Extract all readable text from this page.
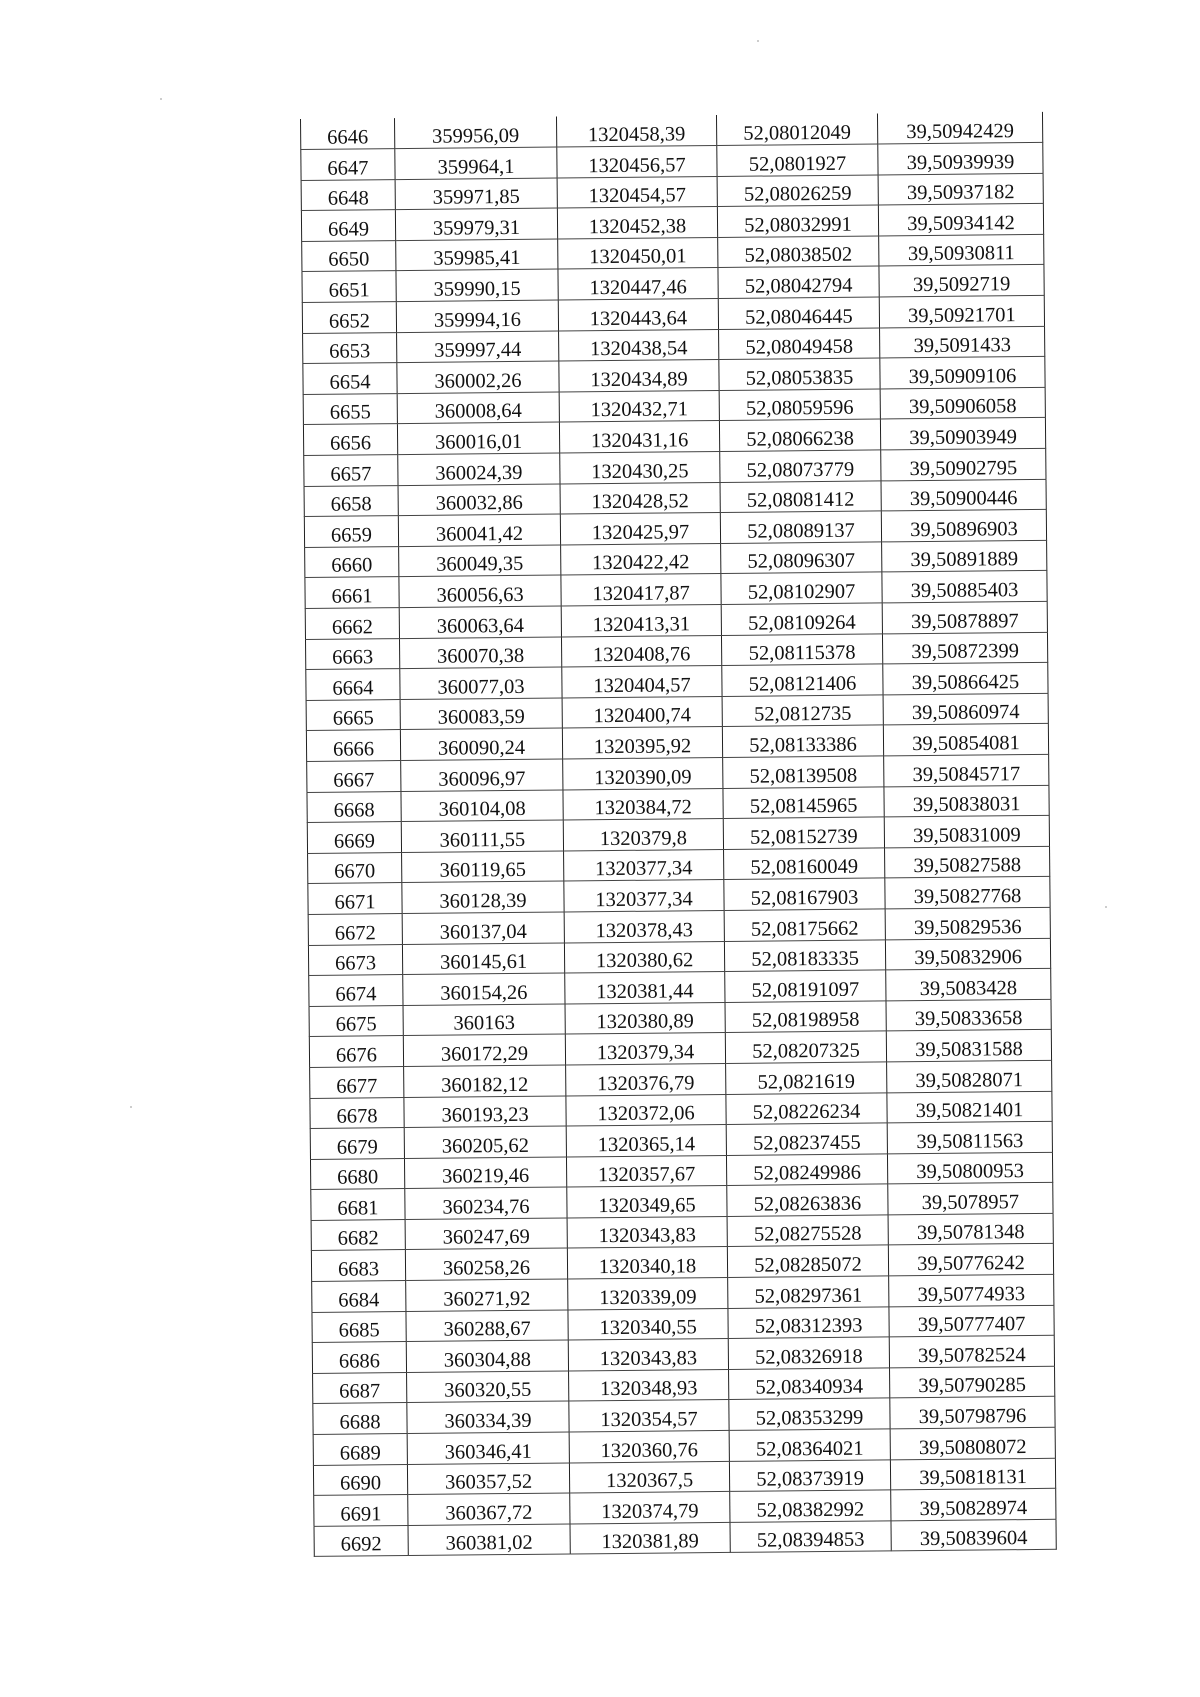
6646	359956,09	1320458,39	52,08012049	39,50942429
6647	359964,1	1320456,57	52,0801927	39,50939939
6648	359971,85	1320454,57	52,08026259	39,50937182
6649	359979,31	1320452,38	52,08032991	39,50934142
6650	359985,41	1320450,01	52,08038502	39,50930811
6651	359990,15	1320447,46	52,08042794	39,5092719
6652	359994,16	1320443,64	52,08046445	39,50921701
6653	359997,44	1320438,54	52,08049458	39,5091433
6654	360002,26	1320434,89	52,08053835	39,50909106
6655	360008,64	1320432,71	52,08059596	39,50906058
6656	360016,01	1320431,16	52,08066238	39,50903949
6657	360024,39	1320430,25	52,08073779	39,50902795
6658	360032,86	1320428,52	52,08081412	39,50900446
6659	360041,42	1320425,97	52,08089137	39,50896903
6660	360049,35	1320422,42	52,08096307	39,50891889
6661	360056,63	1320417,87	52,08102907	39,50885403
6662	360063,64	1320413,31	52,08109264	39,50878897
6663	360070,38	1320408,76	52,08115378	39,50872399
6664	360077,03	1320404,57	52,08121406	39,50866425
6665	360083,59	1320400,74	52,0812735	39,50860974
6666	360090,24	1320395,92	52,08133386	39,50854081
6667	360096,97	1320390,09	52,08139508	39,50845717
6668	360104,08	1320384,72	52,08145965	39,50838031
6669	360111,55	1320379,8	52,08152739	39,50831009
6670	360119,65	1320377,34	52,08160049	39,50827588
6671	360128,39	1320377,34	52,08167903	39,50827768
6672	360137,04	1320378,43	52,08175662	39,50829536
6673	360145,61	1320380,62	52,08183335	39,50832906
6674	360154,26	1320381,44	52,08191097	39,5083428
6675	360163	1320380,89	52,08198958	39,50833658
6676	360172,29	1320379,34	52,08207325	39,50831588
6677	360182,12	1320376,79	52,0821619	39,50828071
6678	360193,23	1320372,06	52,08226234	39,50821401
6679	360205,62	1320365,14	52,08237455	39,50811563
6680	360219,46	1320357,67	52,08249986	39,50800953
6681	360234,76	1320349,65	52,08263836	39,5078957
6682	360247,69	1320343,83	52,08275528	39,50781348
6683	360258,26	1320340,18	52,08285072	39,50776242
6684	360271,92	1320339,09	52,08297361	39,50774933
6685	360288,67	1320340,55	52,08312393	39,50777407
6686	360304,88	1320343,83	52,08326918	39,50782524
6687	360320,55	1320348,93	52,08340934	39,50790285
6688	360334,39	1320354,57	52,08353299	39,50798796
6689	360346,41	1320360,76	52,08364021	39,50808072
6690	360357,52	1320367,5	52,08373919	39,50818131
6691	360367,72	1320374,79	52,08382992	39,50828974
6692	360381,02	1320381,89	52,08394853	39,50839604
